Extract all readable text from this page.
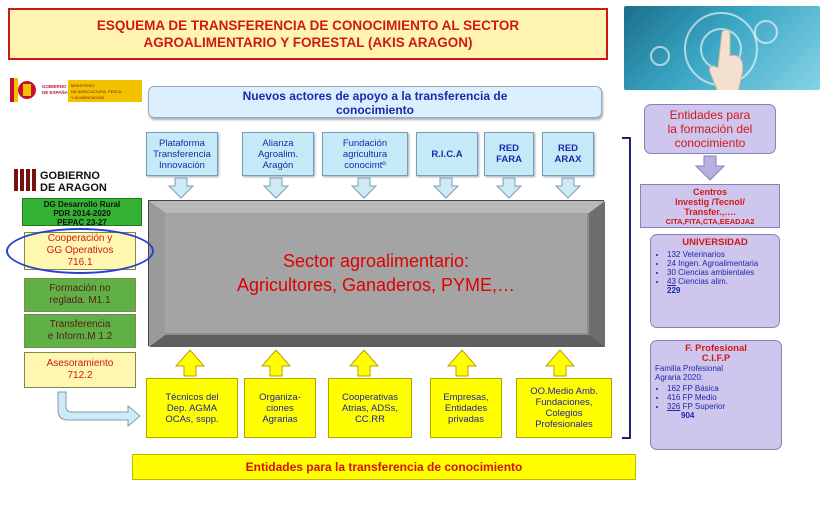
ESQUEMA DE TRANSFERENCIA DE CONOCIMIENTO AL SECTOR
AGROALIMENTARIO Y FORESTAL (AKIS ARAGON)
GOBIERNO
DE ESPAÑA
MINISTERIO
DE AGRICULTURA, PESCA
Y ALIMENTACIÓN
GOBIERNO
DE ARAGON
Nuevos actores de apoyo a la transferencia de
conocimiento
Plataforma
Transferencia
Innovación
Alianza
Agroalim.
Aragón
Fundación
agricultura
conocimtº
R.I.C.A	RED
FARA
RED
ARAX
Sector agroalimentario:
Agricultores, Ganaderos, PYME,…
Técnicos del
Dep. AGMA
OCAs, sspp.
Organiza-
ciones
Agrarias
Cooperativas
Atrias, ADSs,
CC.RR
Empresas,
Entidades
privadas
OO.Medio Amb.
Fundaciones,
Colegios
Profesionales
Entidades para la transferencia de conocimiento
DG Desarrollo Rural
PDR 2014-2020
PEPAC 23-27
Cooperación y
GG Operativos
716.1
Formación no
reglada. M1.1
Transferencia
e Inform.M 1.2
Asesoramiento
712.2
Entidades para
la formación del
conocimiento
Centros
Investig /Tecnol/
Transfer.,….
CITA,FITA,CTA,EEADJA2
UNIVERSIDAD
• 132 Veterinarios
• 24 Ingen. Agroalimentaria
• 30 Ciencias ambientales
• 43 Ciencias alim.
229
F. Profesional
C.I.F.P
Familia Profesional
Agraria 2020:
• 162 FP Básica
• 416 FP Medio
• 326 FP Superior
904
